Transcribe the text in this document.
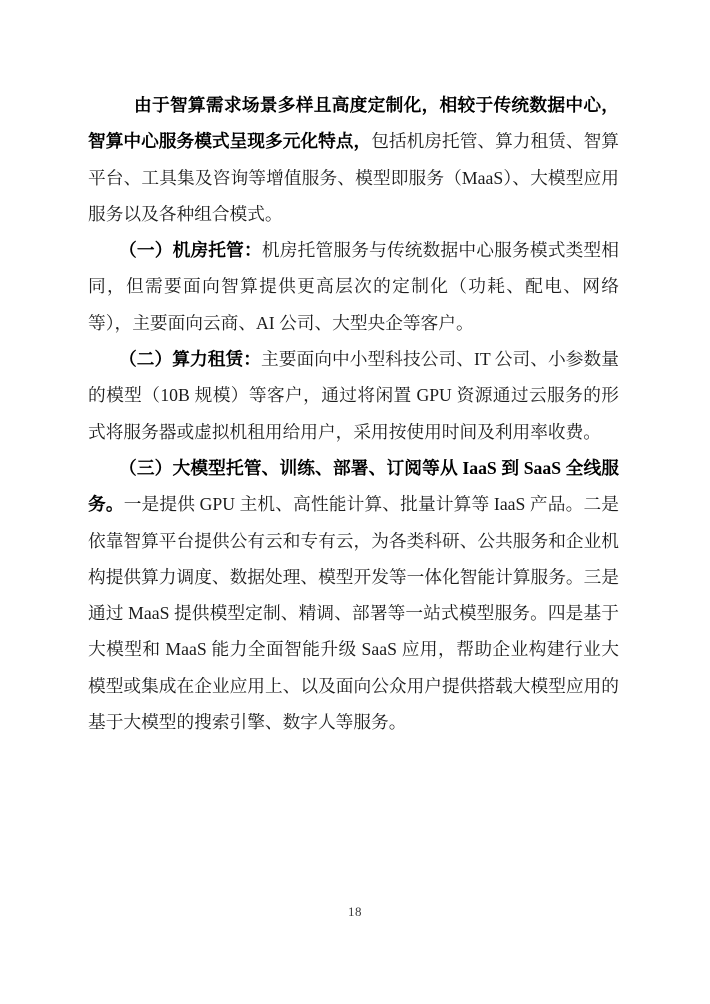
由于智算需求场景多样且高度定制化，相较于传统数据中心，智算中心服务模式呈现多元化特点，包括机房托管、算力租赁、智算平台、工具集及咨询等增值服务、模型即服务（MaaS）、大模型应用服务以及各种组合模式。

（一）机房托管：机房托管服务与传统数据中心服务模式类型相同，但需要面向智算提供更高层次的定制化（功耗、配电、网络等），主要面向云商、AI 公司、大型央企等客户。

（二）算力租赁：主要面向中小型科技公司、IT 公司、小参数量的模型（10B 规模）等客户，通过将闲置 GPU 资源通过云服务的形式将服务器或虚拟机租用给用户，采用按使用时间及利用率收费。

（三）大模型托管、训练、部署、订阅等从 IaaS 到 SaaS 全线服务。一是提供 GPU 主机、高性能计算、批量计算等 IaaS 产品。二是依靠智算平台提供公有云和专有云，为各类科研、公共服务和企业机构提供算力调度、数据处理、模型开发等一体化智能计算服务。三是通过 MaaS 提供模型定制、精调、部署等一站式模型服务。四是基于大模型和 MaaS 能力全面智能升级 SaaS 应用，帮助企业构建行业大模型或集成在企业应用上、以及面向公众用户提供搭载大模型应用的基于大模型的搜索引擎、数字人等服务。

18
